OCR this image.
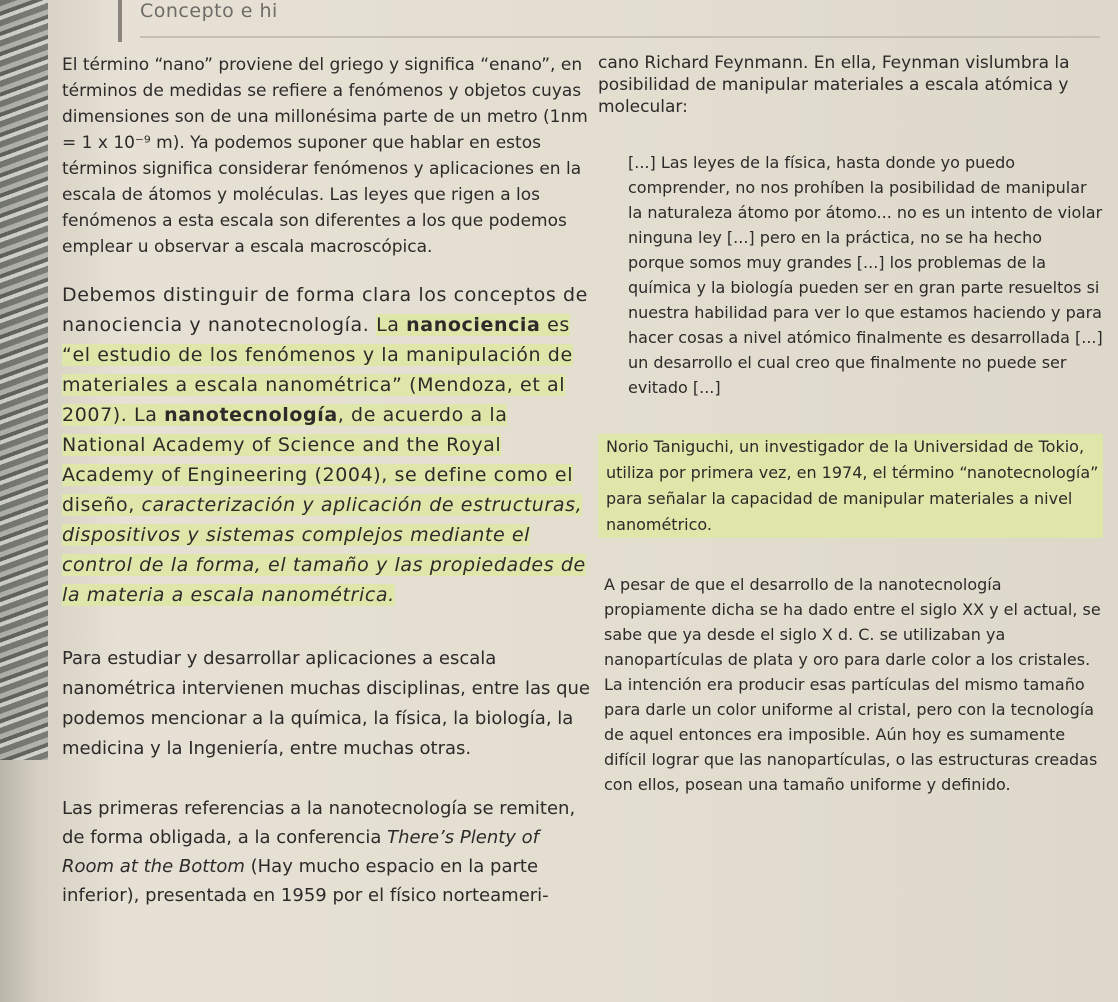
Concepto e hi

El término “nano” proviene del griego y significa “enano”, en términos de medidas se refiere a fenómenos y objetos cuyas dimensiones son de una millonésima parte de un metro (1nm = 1 x 10⁻⁹ m). Ya podemos suponer que hablar en estos términos significa considerar fenómenos y aplicaciones en la escala de átomos y moléculas. Las leyes que rigen a los fenómenos a esta escala son diferentes a los que podemos emplear u observar a escala macroscópica.

Debemos distinguir de forma clara los conceptos de nanociencia y nanotecnología. La nanociencia es “el estudio de los fenómenos y la manipulación de materiales a escala nanométrica” (Mendoza, et al 2007). La nanotecnología, de acuerdo a la National Academy of Science and the Royal Academy of Engineering (2004), se define como el diseño, caracterización y aplicación de estructuras, dispositivos y sistemas complejos mediante el control de la forma, el tamaño y las propiedades de la materia a escala nanométrica.

Para estudiar y desarrollar aplicaciones a escala nanométrica intervienen muchas disciplinas, entre las que podemos mencionar a la química, la física, la biología, la medicina y la Ingeniería, entre muchas otras.

Las primeras referencias a la nanotecnología se remiten, de forma obligada, a la conferencia There’s Plenty of Room at the Bottom (Hay mucho espacio en la parte inferior), presentada en 1959 por el físico norteameri-

cano Richard Feynmann. En ella, Feynman vislumbra la posibilidad de manipular materiales a escala atómica y molecular:

[...] Las leyes de la física, hasta donde yo puedo comprender, no nos prohíben la posibilidad de manipular la naturaleza átomo por átomo... no es un intento de violar ninguna ley [...] pero en la práctica, no se ha hecho porque somos muy grandes [...] los problemas de la química y la biología pueden ser en gran parte resueltos si nuestra habilidad para ver lo que estamos haciendo y para hacer cosas a nivel atómico finalmente es desarrollada [...] un desarrollo el cual creo que finalmente no puede ser evitado [...]

Norio Taniguchi, un investigador de la Universidad de Tokio, utiliza por primera vez, en 1974, el término “nanotecnología” para señalar la capacidad de manipular materiales a nivel nanométrico.

A pesar de que el desarrollo de la nanotecnología propiamente dicha se ha dado entre el siglo XX y el actual, se sabe que ya desde el siglo X d. C. se utilizaban ya nanopartículas de plata y oro para darle color a los cristales. La intención era producir esas partículas del mismo tamaño para darle un color uniforme al cristal, pero con la tecnología de aquel entonces era imposible. Aún hoy es sumamente difícil lograr que las nanopartículas, o las estructuras creadas con ellos, posean una tamaño uniforme y definido.
